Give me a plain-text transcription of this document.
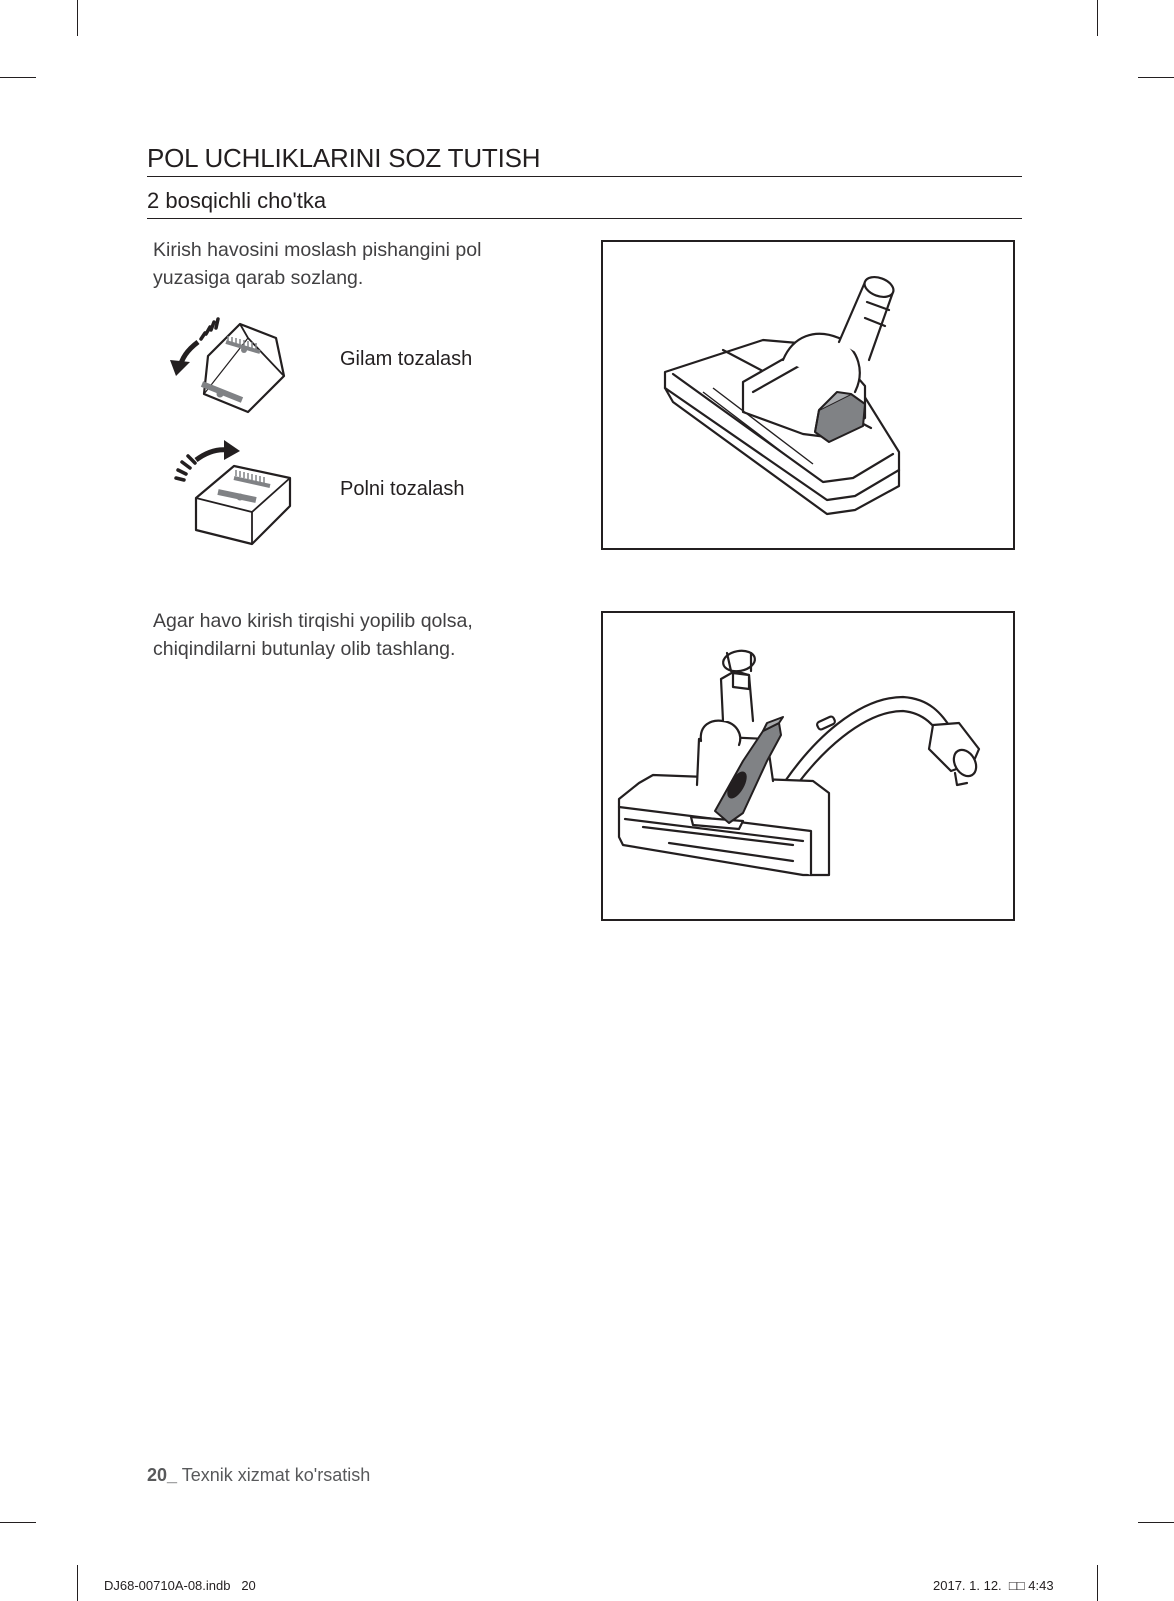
POL UCHLIKLARINI SOZ TUTISH
2 bosqichli cho'tka
Kirish havosini moslash pishangini pol
yuzasiga qarab sozlang.
Gilam tozalash
Polni tozalash
Agar havo kirish tirqishi yopilib qolsa,
chiqindilarni butunlay olib tashlang.
20_ Texnik xizmat ko'rsatish
DJ68-00710A-08.indb 20	2017. 1. 12. □□ 4:43
